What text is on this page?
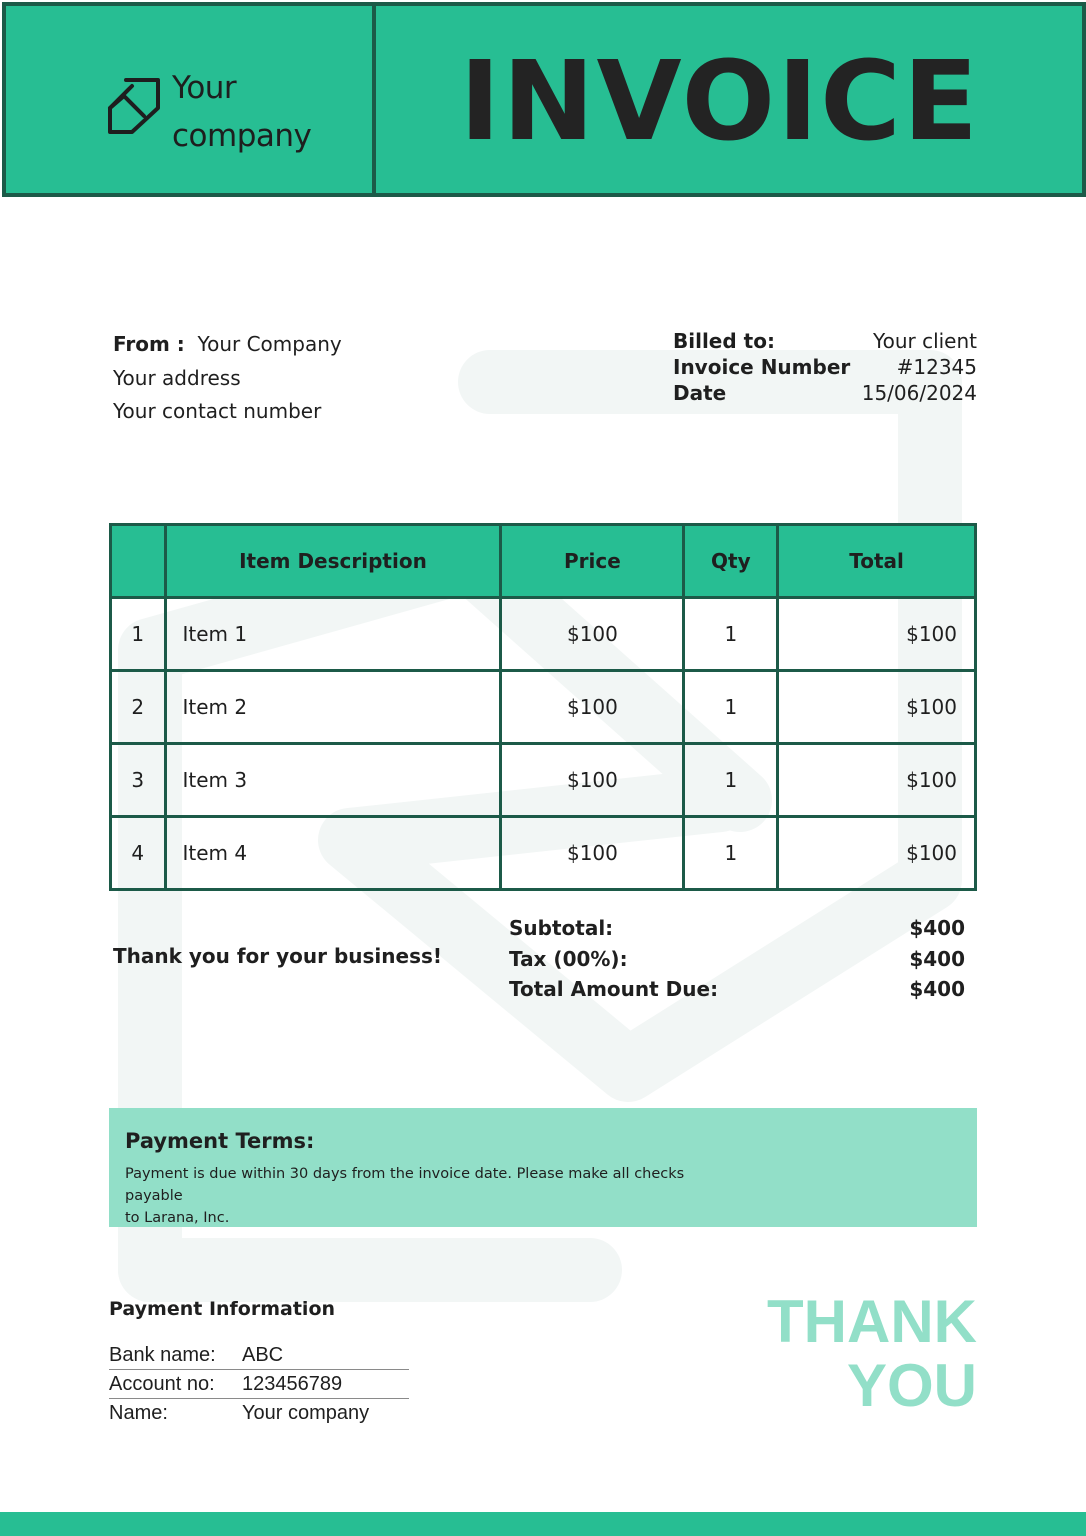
Your
company	INVOICE
From : Your Company
Your address
Your contact number
Billed to:	Your client
Invoice Number #12345
Date	15/06/2024
	Item Description	Price	Qty	Total
1	Item 1	$100	1	$100
2	Item 2	$100	1	$100
3	Item 3	$100	1	$100
4	Item 4	$100	1	$100
Thank you for your business!
Subtotal:	$400
Tax (00%):	$400
Total Amount Due:	$400
Payment Terms:
Payment is due within 30 days from the invoice date. Please make all checks payable
to Larana, Inc.
Payment Information
Bank name:	ABC
Account no:	123456789
Name:	Your company
THANK
YOU
